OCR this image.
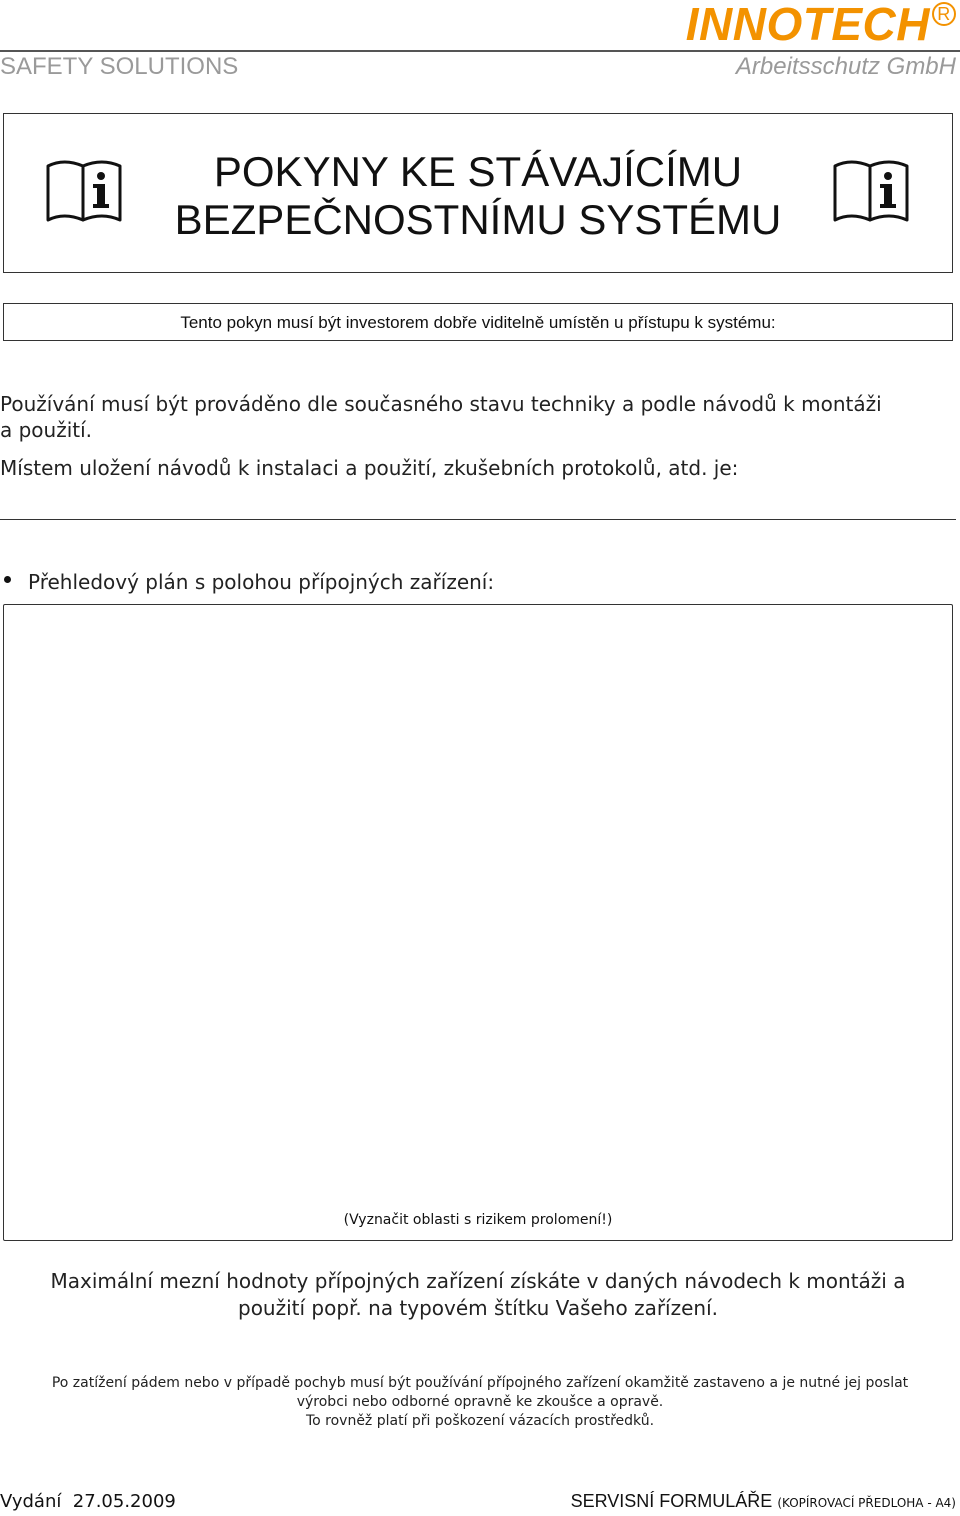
INNOTECH R
SAFETY SOLUTIONS	Arbeitsschutz GmbH
POKYNY KE STÁVAJÍCÍMU
BEZPEČNOSTNÍMU SYSTÉMU
Tento pokyn musí být investorem dobře viditelně umístěn u přístupu k systému:
Používání musí být prováděno dle současného stavu techniky a podle návodů k montáži
a použití.
Místem uložení návodů k instalaci a použití, zkušebních protokolů, atd. je:
Přehledový plán s polohou přípojných zařízení:
(Vyznačit oblasti s rizikem prolomení!)
Maximální mezní hodnoty přípojných zařízení získáte v daných návodech k montáži a
použití popř. na typovém štítku Vašeho zařízení.
Po zatížení pádem nebo v případě pochyb musí být používání přípojného zařízení okamžitě zastaveno a je nutné jej poslat
výrobci nebo odborné opravně ke zkoušce a opravě.
To rovněž platí při poškození vázacích prostředků.
Vydání  27.05.2009	SERVISNÍ FORMULÁŘE (KOPÍROVACÍ PŘEDLOHA - A4)
